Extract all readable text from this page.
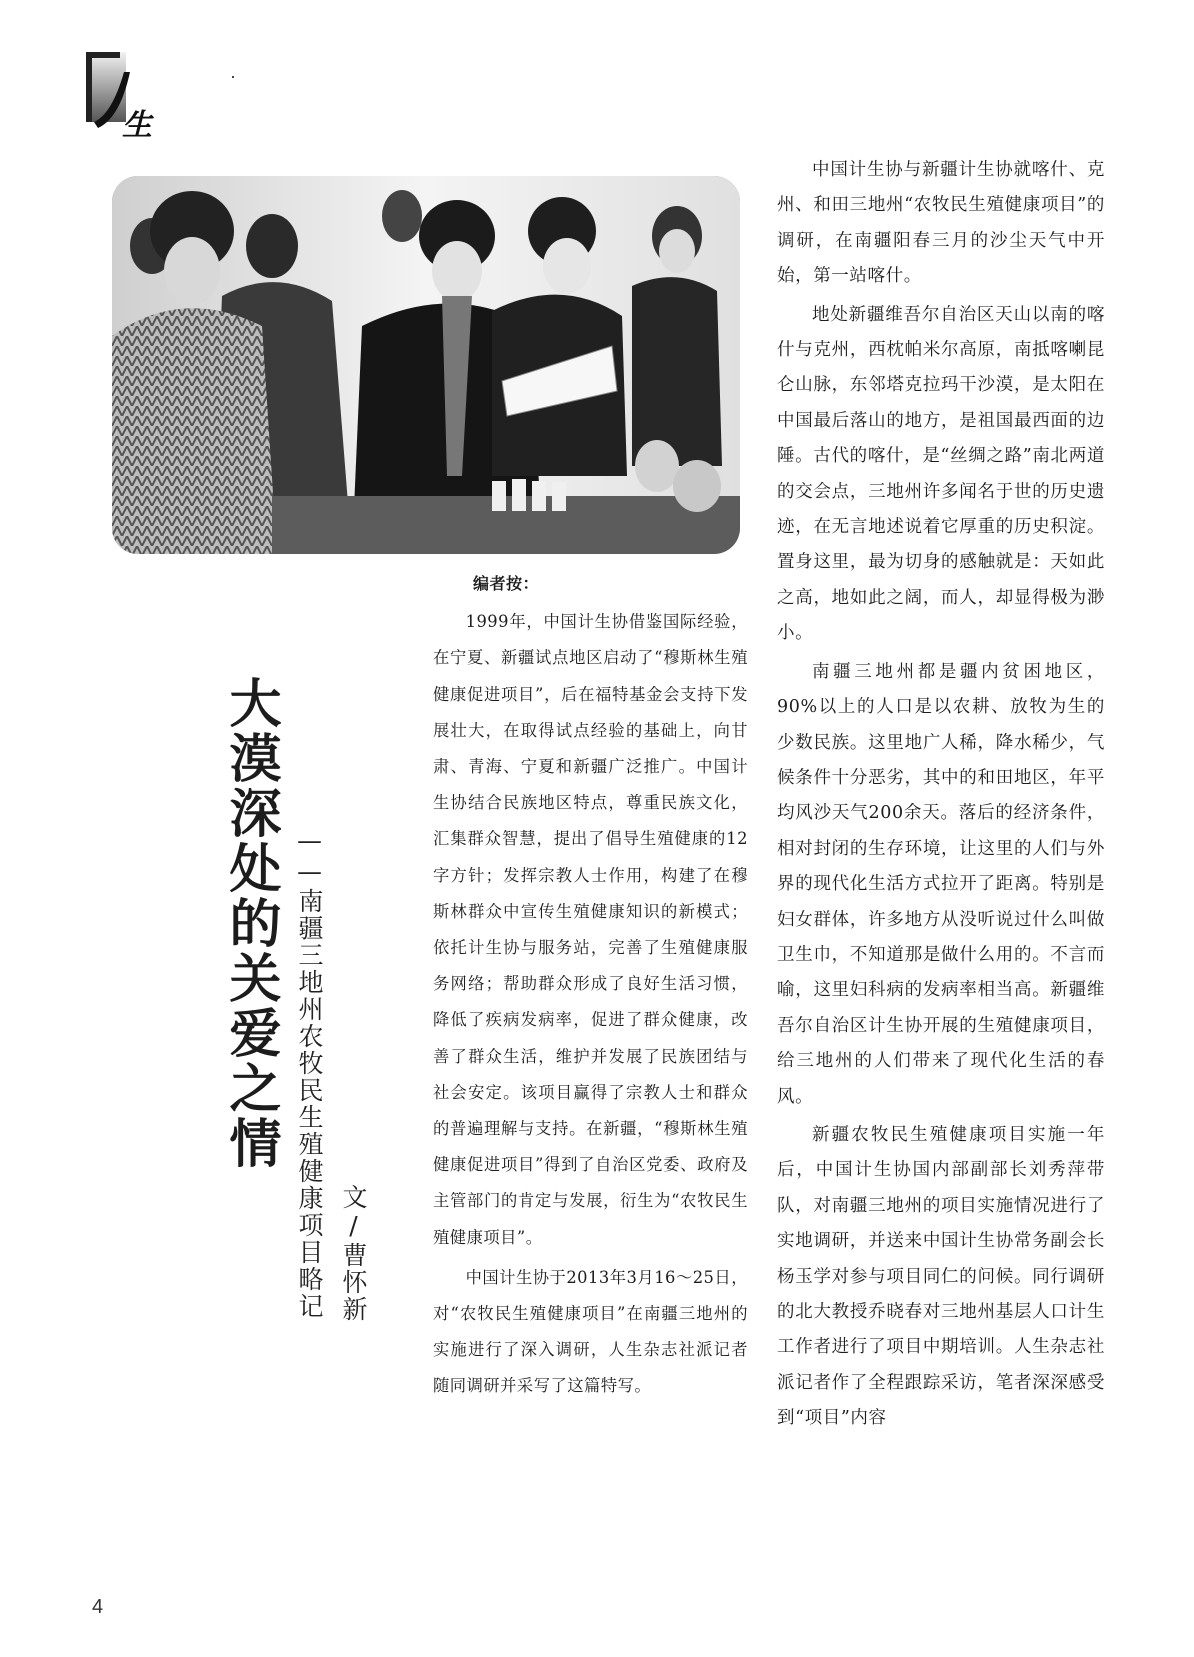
生

中国计生协与新疆计生协就喀什、克州、和田三地州“农牧民生殖健康项目”的调研，在南疆阳春三月的沙尘天气中开始，第一站喀什。

地处新疆维吾尔自治区天山以南的喀什与克州，西枕帕米尔高原，南抵喀喇昆仑山脉，东邻塔克拉玛干沙漠，是太阳在中国最后落山的地方，是祖国最西面的边陲。古代的喀什，是“丝绸之路”南北两道的交会点，三地州许多闻名于世的历史遗迹，在无言地述说着它厚重的历史积淀。置身这里，最为切身的感触就是：天如此之高，地如此之阔，而人，却显得极为渺小。

南疆三地州都是疆内贫困地区，90%以上的人口是以农耕、放牧为生的少数民族。这里地广人稀，降水稀少，气候条件十分恶劣，其中的和田地区，年平均风沙天气200余天。落后的经济条件，相对封闭的生存环境，让这里的人们与外界的现代化生活方式拉开了距离。特别是妇女群体，许多地方从没听说过什么叫做卫生巾，不知道那是做什么用的。不言而喻，这里妇科病的发病率相当高。新疆维吾尔自治区计生协开展的生殖健康项目，给三地州的人们带来了现代化生活的春风。

新疆农牧民生殖健康项目实施一年后，中国计生协国内部副部长刘秀萍带队，对南疆三地州的项目实施情况进行了实地调研，并送来中国计生协常务副会长杨玉学对参与项目同仁的问候。同行调研的北大教授乔晓春对三地州基层人口计生工作者进行了项目中期培训。人生杂志社派记者作了全程跟踪采访，笔者深深感受到“项目”内容

编者按：

1999年，中国计生协借鉴国际经验，在宁夏、新疆试点地区启动了“穆斯林生殖健康促进项目”，后在福特基金会支持下发展壮大，在取得试点经验的基础上，向甘肃、青海、宁夏和新疆广泛推广。中国计生协结合民族地区特点，尊重民族文化，汇集群众智慧，提出了倡导生殖健康的12字方针；发挥宗教人士作用，构建了在穆斯林群众中宣传生殖健康知识的新模式；依托计生协与服务站，完善了生殖健康服务网络；帮助群众形成了良好生活习惯，降低了疾病发病率，促进了群众健康，改善了群众生活，维护并发展了民族团结与社会安定。该项目赢得了宗教人士和群众的普遍理解与支持。在新疆，“穆斯林生殖健康促进项目”得到了自治区党委、政府及主管部门的肯定与发展，衍生为“农牧民生殖健康项目”。

中国计生协于2013年3月16～25日，对“农牧民生殖健康项目”在南疆三地州的实施进行了深入调研，人生杂志社派记者随同调研并采写了这篇特写。

大漠深处的关爱之情 ——南疆三地州农牧民生殖健康项目略记 文/曹怀新
4
